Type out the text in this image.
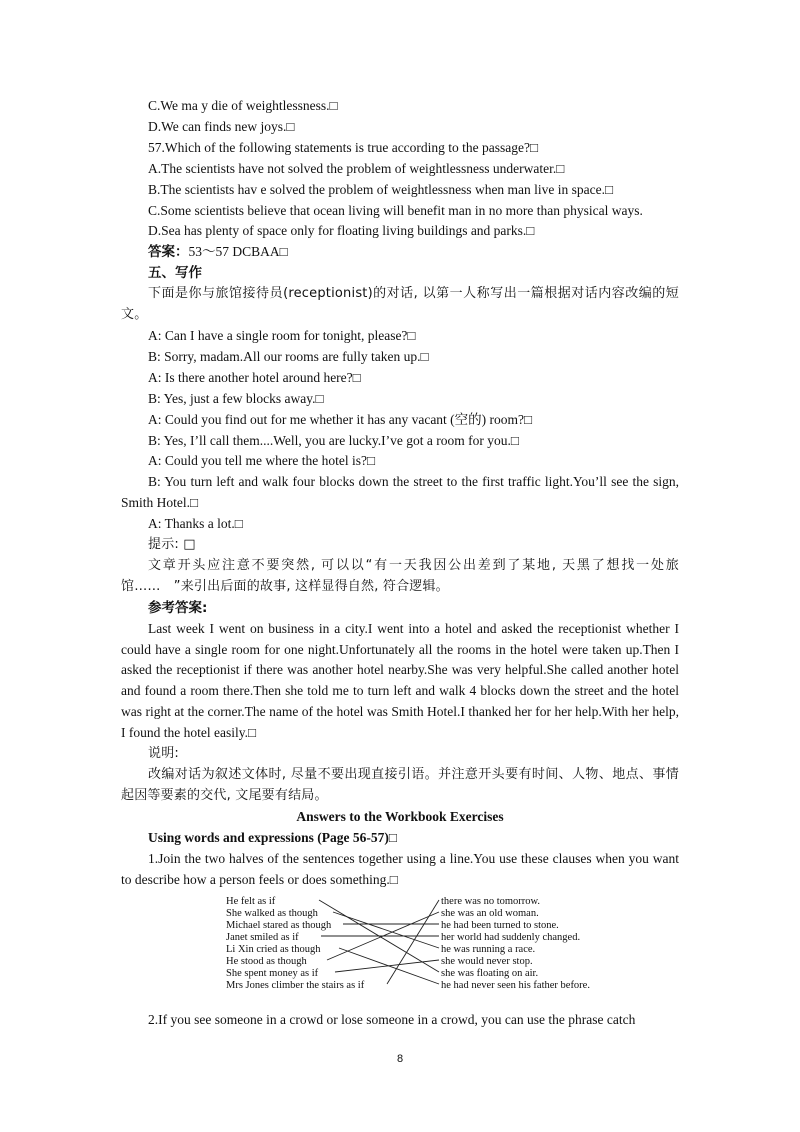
C.We ma y die of weightlessness.□

D.We can finds new joys.□

57.Which of the following statements is true according to the passage?□

A.The scientists have not solved the problem of weightlessness underwater.□

B.The scientists hav e solved the problem of weightlessness when man live in space.□

C.Some scientists believe that ocean living will benefit man in no more than physical ways.

D.Sea has plenty of space only for floating living buildings and parks.□

答案：53～57 DCBAA□

五、写作

下面是你与旅馆接待员(receptionist)的对话, 以第一人称写出一篇根据对话内容改编的短文。

A: Can I have a single room for tonight, please?□

B: Sorry, madam.All our rooms are fully taken up.□

A: Is there another hotel around here?□

B: Yes, just a few blocks away.□

A: Could you find out for me whether it has any vacant (空的) room?□

B: Yes, I’ll call them....Well, you are lucky.I’ve got a room for you.□

A: Could you tell me where the hotel is?□

B: You turn left and walk four blocks down the street to the first traffic light.You’ll see the sign, Smith Hotel.□

A: Thanks a lot.□

提示: □

文章开头应注意不要突然, 可以以“有一天我因公出差到了某地, 天黑了想找一处旅馆……　”来引出后面的故事, 这样显得自然, 符合逻辑。

参考答案:

Last week I went on business in a city.I went into a hotel and asked the receptionist whether I could have a single room for one night.Unfortunately all the rooms in the hotel were taken up.Then I asked the receptionist if there was another hotel nearby.She was very helpful.She called another hotel and found a room there.Then she told me to turn left and walk 4 blocks down the street and the hotel was right at the corner.The name of the hotel was Smith Hotel.I thanked her for her help.With her help, I found the hotel easily.□

说明:

改编对话为叙述文体时, 尽量不要出现直接引语。并注意开头要有时间、人物、地点、事情起因等要素的交代, 文尾要有结局。

Answers to the Workbook Exercises

Using words and expressions (Page 56-57)□

1.Join the two halves of the sentences together using a line.You use these clauses when you want to describe how a person feels or does something.□

He felt as if
She walked as though
Michael stared as though
Janet smiled as if
Li Xin cried as though
He stood as though
She spent money as if
Mrs Jones climber the stairs as if
there was no tomorrow.
she was an old woman.
he had been turned to stone.
her world had suddenly changed.
he was running a race.
she would never stop.
she was floating on air.
he had never seen his father before.

2.If you see someone in a crowd or lose someone in a crowd, you can use the phrase catch

8
